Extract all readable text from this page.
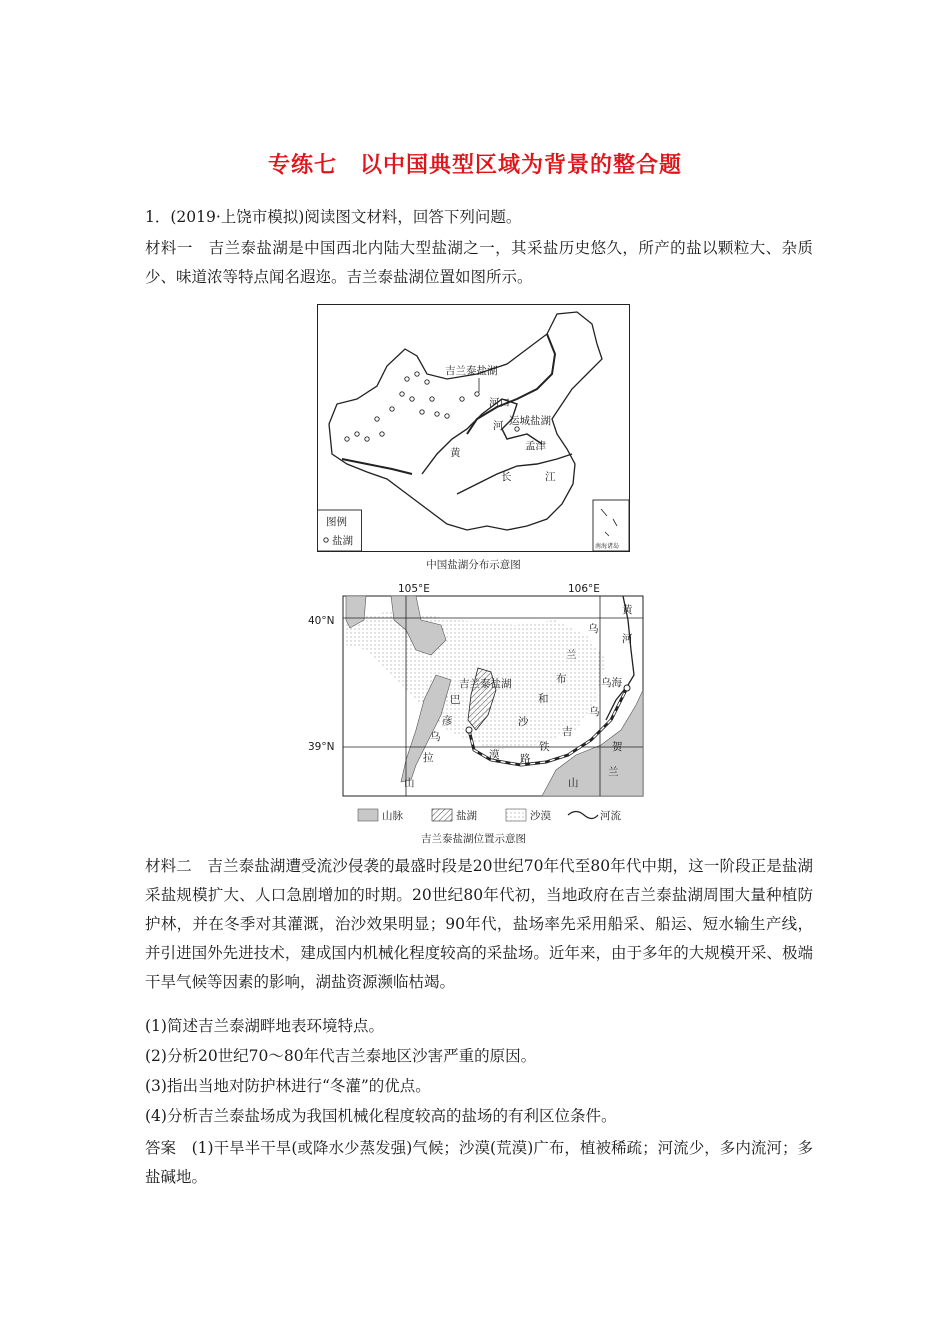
专练七　以中国典型区域为背景的整合题

1．(2019·上饶市模拟)阅读图文材料，回答下列问题。

材料一　吉兰泰盐湖是中国西北内陆大型盐湖之一，其采盐历史悠久，所产的盐以颗粒大、杂质少、味道浓等特点闻名遐迩。吉兰泰盐湖位置如图所示。

吉兰泰盐湖
河口
河 运城盐湖
孟津
黄
长	江
图例
盐湖	南海诸岛
中国盐湖分布示意图
105°E	106°E
40°N
39°N
吉兰泰盐湖
黄
河
乌
兰
布
和
沙
漠
乌海
吉
乌
路
铁
巴
彦
乌
拉
山	山
贺
兰
山脉	盐湖	沙漠	河流
吉兰泰盐湖位置示意图

材料二　吉兰泰盐湖遭受流沙侵袭的最盛时段是20世纪70年代至80年代中期，这一阶段正是盐湖采盐规模扩大、人口急剧增加的时期。20世纪80年代初，当地政府在吉兰泰盐湖周围大量种植防护林，并在冬季对其灌溉，治沙效果明显；90年代，盐场率先采用船采、船运、短水输生产线，并引进国外先进技术，建成国内机械化程度较高的采盐场。近年来，由于多年的大规模开采、极端干旱气候等因素的影响，湖盐资源濒临枯竭。

(1)简述吉兰泰湖畔地表环境特点。

(2)分析20世纪70～80年代吉兰泰地区沙害严重的原因。

(3)指出当地对防护林进行“冬灌”的优点。

(4)分析吉兰泰盐场成为我国机械化程度较高的盐场的有利区位条件。

答案　(1)干旱半干旱(或降水少蒸发强)气候；沙漠(荒漠)广布，植被稀疏；河流少，多内流河；多盐碱地。
